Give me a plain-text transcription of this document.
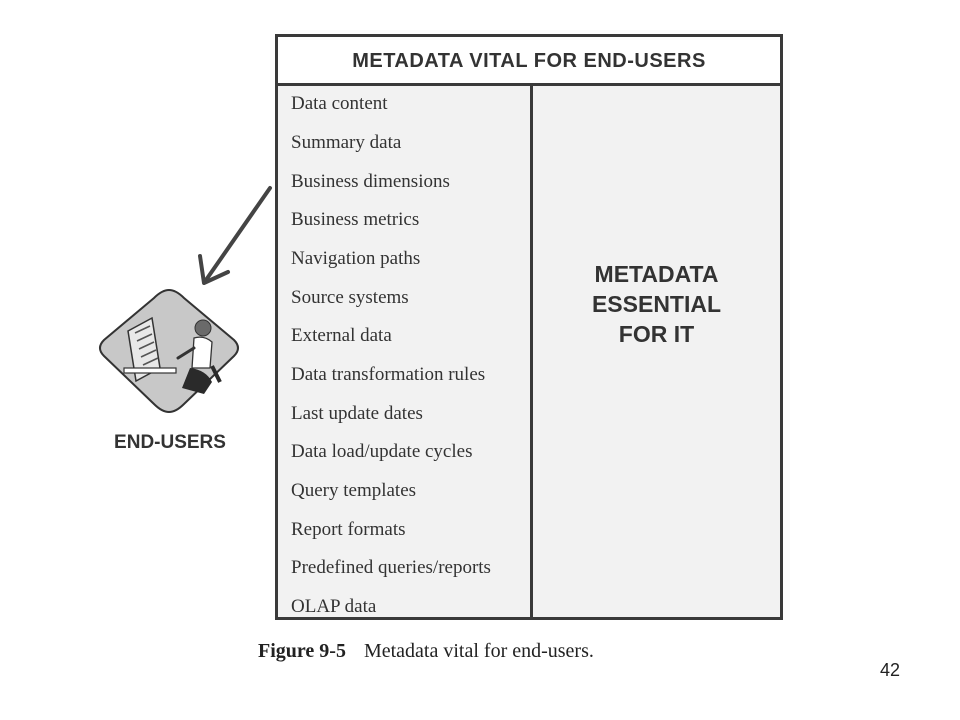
METADATA VITAL FOR END-USERS
Data content
Summary data
Business dimensions
Business metrics
Navigation paths
Source systems
External data
Data transformation rules
Last update dates
Data load/update cycles
Query templates
Report formats
Predefined queries/reports
OLAP data
METADATA
ESSENTIAL
FOR IT
END-USERS
Figure 9-5 Metadata vital for end-users.
42
